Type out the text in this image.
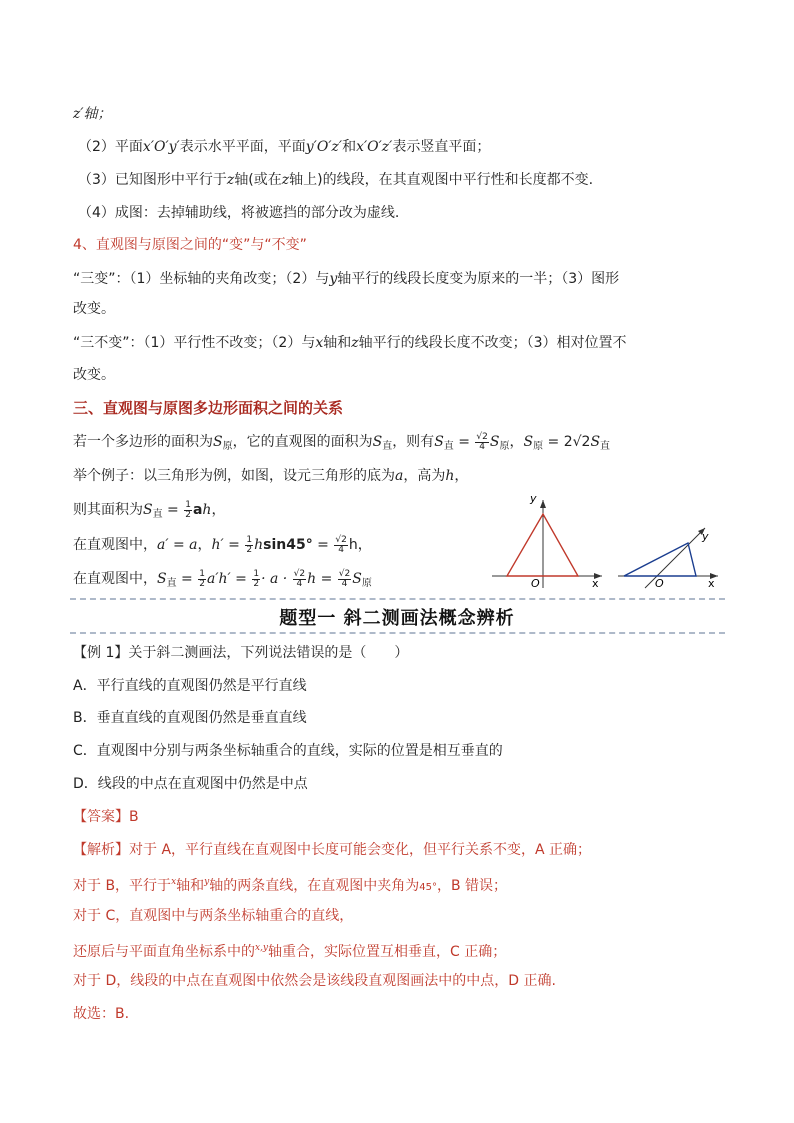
z′轴；
（2）平面x′O′y′表示水平平面，平面y′O′z′和x′O′z′表示竖直平面；
（3）已知图形中平行于z轴(或在z轴上)的线段，在其直观图中平行性和长度都不变.
（4）成图：去掉辅助线，将被遮挡的部分改为虚线.
4、直观图与原图之间的“变”与“不变”
“三变”：（1）坐标轴的夹角改变；（2）与y轴平行的线段长度变为原来的一半；（3）图形
改变。
“三不变”：（1）平行性不改变；（2）与x轴和z轴平行的线段长度不改变；（3）相对位置不
改变。
三、直观图与原图多边形面积之间的关系
若一个多边形的面积为$S_原$，它的直观图的面积为$S_直$，则有$S_直 = \frac{√2}{4} S_原$，$S_原 = 2√2S_直$
举个例子：以三角形为例，如图，设元三角形的底为a，高为h，
则其面积为$S_直 = \frac{1}{2}$ ah，
在直观图中，a′ = a，$h' = \frac{1}{2} hsin45^\circ = \frac{√2}{4}$ h，
在直观图中，$S_直 = \frac{1}{2} a'h' = \frac{1}{2} \cdot a \cdot \frac{√2}{4}$ $h = \frac{√2}{4} S_原$
y
O	x
y
O	x
题型一 斜二测画法概念辨析
【例 1】关于斜二测画法，下列说法错误的是（　　）
A．平行直线的直观图仍然是平行直线
B．垂直直线的直观图仍然是垂直直线
C．直观图中分别与两条坐标轴重合的直线，实际的位置是相互垂直的
D．线段的中点在直观图中仍然是中点
【答案】B
【解析】对于 A，平行直线在直观图中长度可能会变化，但平行关系不变，A 正确；
对于 B，平行于$^x$轴和$^y$轴的两条直线，在直观图中夹角为45°，B 错误；
对于 C，直观图中与两条坐标轴重合的直线，
还原后与平面直角坐标系中的$^{x,y}$轴重合，实际位置互相垂直，C 正确；
对于 D，线段的中点在直观图中依然会是该线段直观图画法中的中点，D 正确.
故选：B.
